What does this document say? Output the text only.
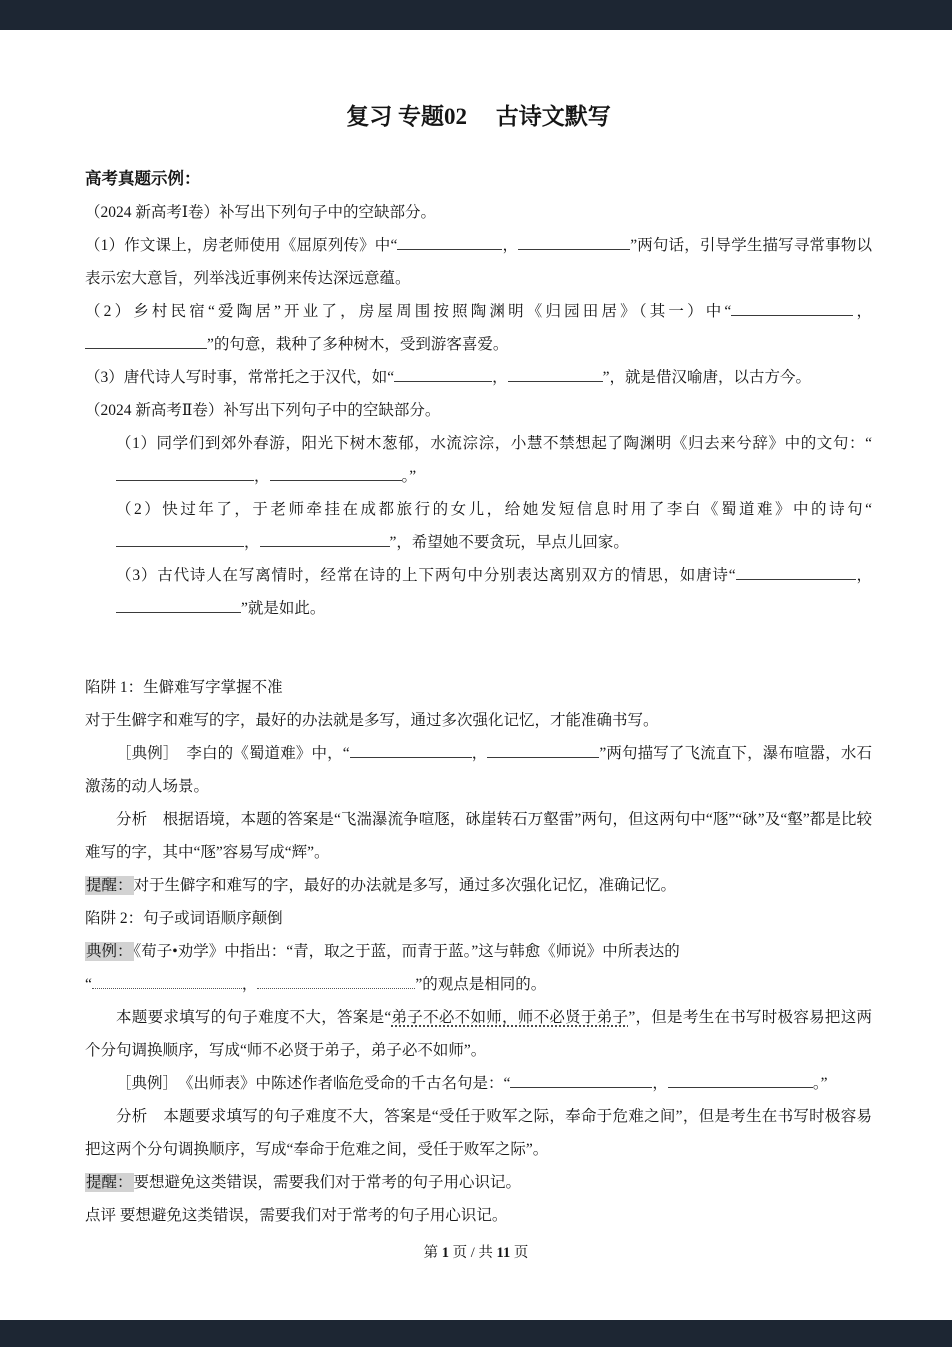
复习 专题02　 古诗文默写

高考真题示例：

（2024 新高考Ⅰ卷）补写出下列句子中的空缺部分。

（1）作文课上，房老师使用《屈原列传》中“	，	”两句话，引导学生描写寻常事物以表示宏大意旨，列举浅近事例来传达深远意蕴。

（2）乡村民宿“爱陶居”开业了，房屋周围按照陶渊明《归园田居》（其一）中“	，”的句意，栽种了多种树木，受到游客喜爱。

（3）唐代诗人写时事，常常托之于汉代，如“	，	”，就是借汉喻唐，以古方今。

（2024 新高考Ⅱ卷）补写出下列句子中的空缺部分。

（1）同学们到郊外春游，阳光下树木葱郁，水流淙淙，小慧不禁想起了陶渊明《归去来兮辞》中的文句：“，	。”

（2）快过年了，于老师牵挂在成都旅行的女儿，给她发短信息时用了李白《蜀道难》中的诗句“，	”，希望她不要贪玩，早点儿回家。

（3）古代诗人在写离情时，经常在诗的上下两句中分别表达离别双方的情思，如唐诗“	，”就是如此。

陷阱 1：生僻难写字掌握不准

对于生僻字和难写的字，最好的办法就是多写，通过多次强化记忆，才能准确书写。

［典例］　李白的《蜀道难》中，“	，	”两句描写了飞流直下，瀑布喧嚣，水石激荡的动人场景。

分析　根据语境，本题的答案是“飞湍瀑流争喧豗，砯崖转石万壑雷”两句，但这两句中“豗”“砯”及“壑”都是比较难写的字，其中“豗”容易写成“辉”。

提醒：对于生僻字和难写的字，最好的办法就是多写，通过多次强化记忆，准确记忆。

陷阱 2：句子或词语顺序颠倒

典例：《荀子•劝学》中指出：“青，取之于蓝，而青于蓝。”这与韩愈《师说》中所表达的

“	，	”的观点是相同的。

本题要求填写的句子难度不大，答案是“弟子不必不如师，师不必贤于弟子”，但是考生在书写时极容易把这两个分句调换顺序，写成“师不必贤于弟子，弟子必不如师”。

［典例］　《出师表》中陈述作者临危受命的千古名句是：“	，	。”

分析　本题要求填写的句子难度不大，答案是“受任于败军之际，奉命于危难之间”，但是考生在书写时极容易把这两个分句调换顺序，写成“奉命于危难之间，受任于败军之际”。

提醒：要想避免这类错误，需要我们对于常考的句子用心识记。

点评 要想避免这类错误，需要我们对于常考的句子用心识记。

第 1 页 / 共 11 页
